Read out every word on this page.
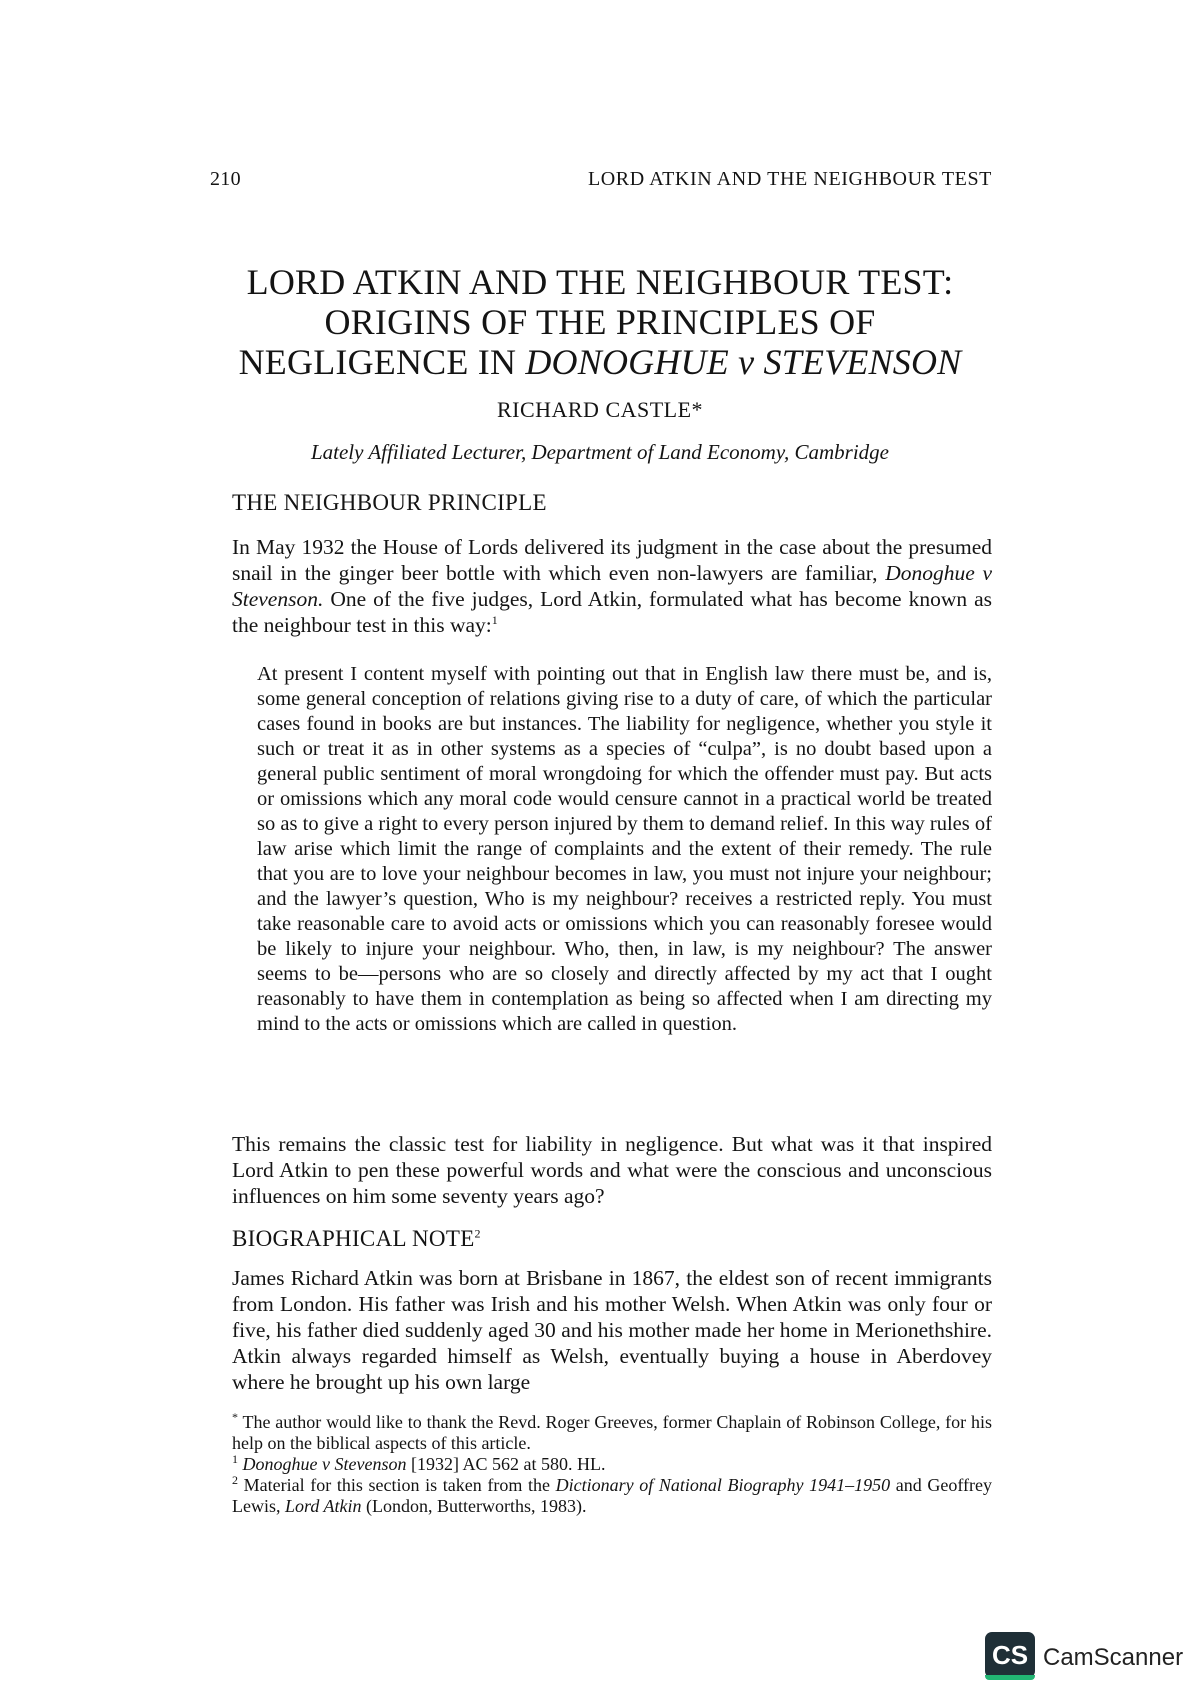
210	LORD ATKIN AND THE NEIGHBOUR TEST
LORD ATKIN AND THE NEIGHBOUR TEST:
ORIGINS OF THE PRINCIPLES OF
NEGLIGENCE IN DONOGHUE v STEVENSON
RICHARD CASTLE*
Lately Affiliated Lecturer, Department of Land Economy, Cambridge
THE NEIGHBOUR PRINCIPLE
In May 1932 the House of Lords delivered its judgment in the case about the presumed snail in the ginger beer bottle with which even non-lawyers are familiar, Donoghue v Stevenson. One of the five judges, Lord Atkin, formulated what has become known as the neighbour test in this way:$^1$
At present I content myself with pointing out that in English law there must be, and is, some general conception of relations giving rise to a duty of care, of which the particular cases found in books are but instances. The liability for negligence, whether you style it such or treat it as in other systems as a species of “culpa”, is no doubt based upon a general public sentiment of moral wrongdoing for which the offender must pay. But acts or omissions which any moral code would censure cannot in a practical world be treated so as to give a right to every person injured by them to demand relief. In this way rules of law arise which limit the range of complaints and the extent of their remedy. The rule that you are to love your neighbour becomes in law, you must not injure your neighbour; and the lawyer’s question, Who is my neighbour? receives a restricted reply. You must take reasonable care to avoid acts or omissions which you can reasonably foresee would be likely to injure your neighbour. Who, then, in law, is my neighbour? The answer seems to be—persons who are so closely and directly affected by my act that I ought reasonably to have them in contemplation as being so affected when I am directing my mind to the acts or omissions which are called in question.
This remains the classic test for liability in negligence. But what was it that inspired Lord Atkin to pen these powerful words and what were the conscious and unconscious influences on him some seventy years ago?
BIOGRAPHICAL NOTE$^2$
James Richard Atkin was born at Brisbane in 1867, the eldest son of recent immigrants from London. His father was Irish and his mother Welsh. When Atkin was only four or five, his father died suddenly aged 30 and his mother made her home in Merionethshire. Atkin always regarded himself as Welsh, eventually buying a house in Aberdovey where he brought up his own large
* The author would like to thank the Revd. Roger Greeves, former Chaplain of Robinson College, for his help on the biblical aspects of this article.
$^1$ Donoghue v Stevenson [1932] AC 562 at 580. HL.
$^2$ Material for this section is taken from the Dictionary of National Biography 1941–1950 and Geoffrey Lewis, Lord Atkin (London, Butterworths, 1983).
CS CamScanner
